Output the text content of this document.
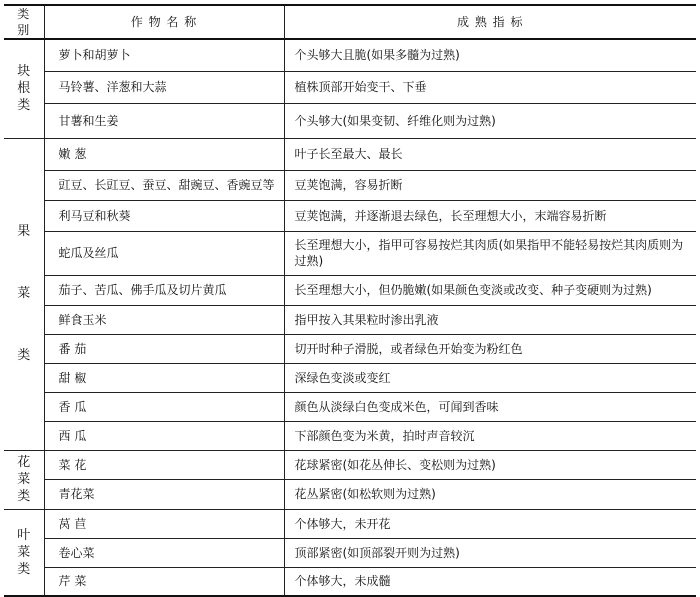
类别	作 物 名 称	成 熟 指 标
块根类	萝卜和胡萝卜	个头够大且脆(如果多髓为过熟)
	马铃薯、洋葱和大蒜	植株顶部开始变干、下垂
	甘薯和生姜	个头够大(如果变韧、纤维化则为过熟)
果菜类	嫩 葱	叶子长至最大、最长
	豇豆、长豇豆、蚕豆、甜豌豆、香豌豆等	豆荚饱满，容易折断
	利马豆和秋葵	豆荚饱满，并逐渐退去绿色，长至理想大小，末端容易折断
	蛇瓜及丝瓜	长至理想大小，指甲可容易按烂其肉质(如果指甲不能轻易按烂其肉质则为过熟)
	茄子、苦瓜、佛手瓜及切片黄瓜	长至理想大小，但仍脆嫩(如果颜色变淡或改变、种子变硬则为过熟)
	鲜食玉米	指甲按入其果粒时渗出乳液
	番 茄	切开时种子滑脱，或者绿色开始变为粉红色
	甜 椒	深绿色变淡或变红
	香 瓜	颜色从淡绿白色变成米色，可闻到香味
	西 瓜	下部颜色变为米黄，拍时声音较沉
花菜类	菜 花	花球紧密(如花丛伸长、变松则为过熟)
	青花菜	花丛紧密(如松软则为过熟)
叶菜类	莴 苣	个体够大，未开花
	卷心菜	顶部紧密(如顶部裂开则为过熟)
	芹 菜	个体够大，未成髓
